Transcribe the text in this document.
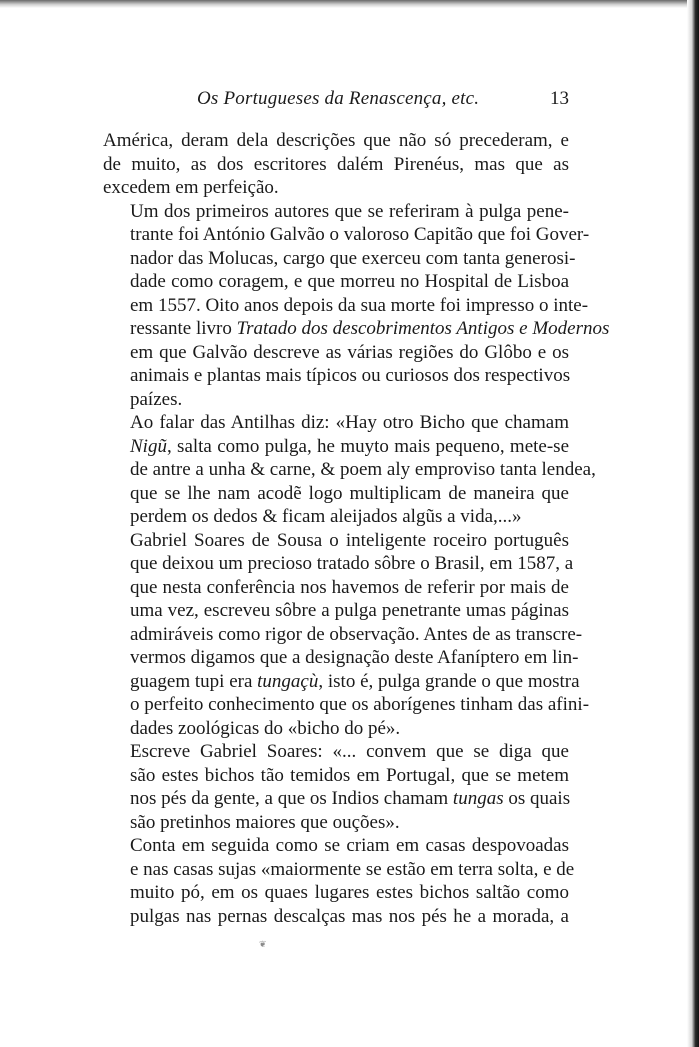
Os Portugueses da Renascença, etc.	13

América, deram dela descrições que não só precederam, e
de muito, as dos escritores dalém Pirenéus, mas que as
excedem em perfeição.

Um dos primeiros autores que se referiram à pulga pene-
trante foi António Galvão o valoroso Capitão que foi Gover-
nador das Molucas, cargo que exerceu com tanta generosi-
dade como coragem, e que morreu no Hospital de Lisboa
em 1557. Oito anos depois da sua morte foi impresso o inte-
ressante livro Tratado dos descobrimentos Antigos e Modernos
em que Galvão descreve as várias regiões do Glôbo e os
animais e plantas mais típicos ou curiosos dos respectivos
paízes.

Ao falar das Antilhas diz: «Hay otro Bicho que chamam
Nigũ, salta como pulga, he muyto mais pequeno, mete-se
de antre a unha & carne, & poem aly emproviso tanta lendea,
que se lhe nam acodẽ logo multiplicam de maneira que
perdem os dedos & ficam aleijados algũs a vida,...»

Gabriel Soares de Sousa o inteligente roceiro português
que deixou um precioso tratado sôbre o Brasil, em 1587, a
que nesta conferência nos havemos de referir por mais de
uma vez, escreveu sôbre a pulga penetrante umas páginas
admiráveis como rigor de observação. Antes de as transcre-
vermos digamos que a designação deste Afaníptero em lin-
guagem tupi era tungaçù, isto é, pulga grande o que mostra
o perfeito conhecimento que os aborígenes tinham das afini-
dades zoológicas do «bicho do pé».

Escreve Gabriel Soares: «... convem que se diga que
são estes bichos tão temidos em Portugal, que se metem
nos pés da gente, a que os Indios chamam tungas os quais
são pretinhos maiores que ouções».

Conta em seguida como se criam em casas despovoadas
e nas casas sujas «maiormente se estão em terra solta, e de
muito pó, em os quaes lugares estes bichos saltão como
pulgas nas pernas descalças mas nos pés he a morada, a

❦
